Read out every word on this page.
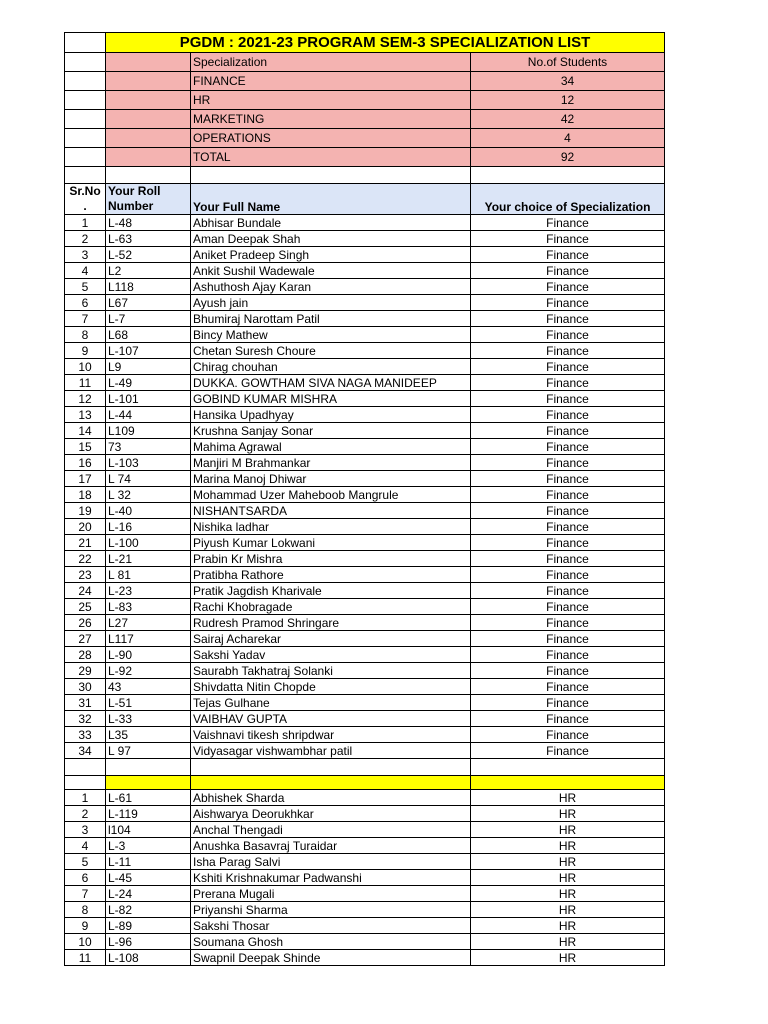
	PGDM : 2021-23 PROGRAM SEM-3 SPECIALIZATION LIST		
		Specialization	No.of Students
		FINANCE	34
		HR	12
		MARKETING	42
		OPERATIONS	4
		TOTAL	92

Sr.No .	Your Roll Number	Your Full Name	Your choice of Specialization
1	L-48	Abhisar Bundale	Finance
2	L-63	Aman Deepak Shah	Finance
3	L-52	Aniket Pradeep Singh	Finance
4	L2	Ankit Sushil Wadewale	Finance
5	L118	Ashuthosh Ajay Karan	Finance
6	L67	Ayush jain	Finance
7	L-7	Bhumiraj Narottam Patil	Finance
8	L68	Bincy Mathew	Finance
9	L-107	Chetan Suresh Choure	Finance
10	L9	Chirag chouhan	Finance
11	L-49	DUKKA. GOWTHAM SIVA NAGA MANIDEEP	Finance
12	L-101	GOBIND KUMAR MISHRA	Finance
13	L-44	Hansika Upadhyay	Finance
14	L109	Krushna Sanjay Sonar	Finance
15	73	Mahima Agrawal	Finance
16	L-103	Manjiri M Brahmankar	Finance
17	L 74	Marina Manoj Dhiwar	Finance
18	L 32	Mohammad Uzer Maheboob Mangrule	Finance
19	L-40	NISHANTSARDA	Finance
20	L-16	Nishika ladhar	Finance
21	L-100	Piyush Kumar Lokwani	Finance
22	L-21	Prabin Kr Mishra	Finance
23	L 81	Pratibha Rathore	Finance
24	L-23	Pratik Jagdish Kharivale	Finance
25	L-83	Rachi Khobragade	Finance
26	L27	Rudresh Pramod Shringare	Finance
27	L117	Sairaj Acharekar	Finance
28	L-90	Sakshi Yadav	Finance
29	L-92	Saurabh Takhatraj Solanki	Finance
30	43	Shivdatta Nitin Chopde	Finance
31	L-51	Tejas Gulhane	Finance
32	L-33	VAIBHAV GUPTA	Finance
33	L35	Vaishnavi tikesh shripdwar	Finance
34	L 97	Vidyasagar vishwambhar patil	Finance

1	L-61	Abhishek Sharda	HR
2	L-119	Aishwarya Deorukhkar	HR
3	l104	Anchal Thengadi	HR
4	L-3	Anushka Basavraj Turaidar	HR
5	L-11	Isha Parag Salvi	HR
6	L-45	Kshiti Krishnakumar Padwanshi	HR
7	L-24	Prerana Mugali	HR
8	L-82	Priyanshi Sharma	HR
9	L-89	Sakshi Thosar	HR
10	L-96	Soumana Ghosh	HR
11	L-108	Swapnil Deepak Shinde	HR
